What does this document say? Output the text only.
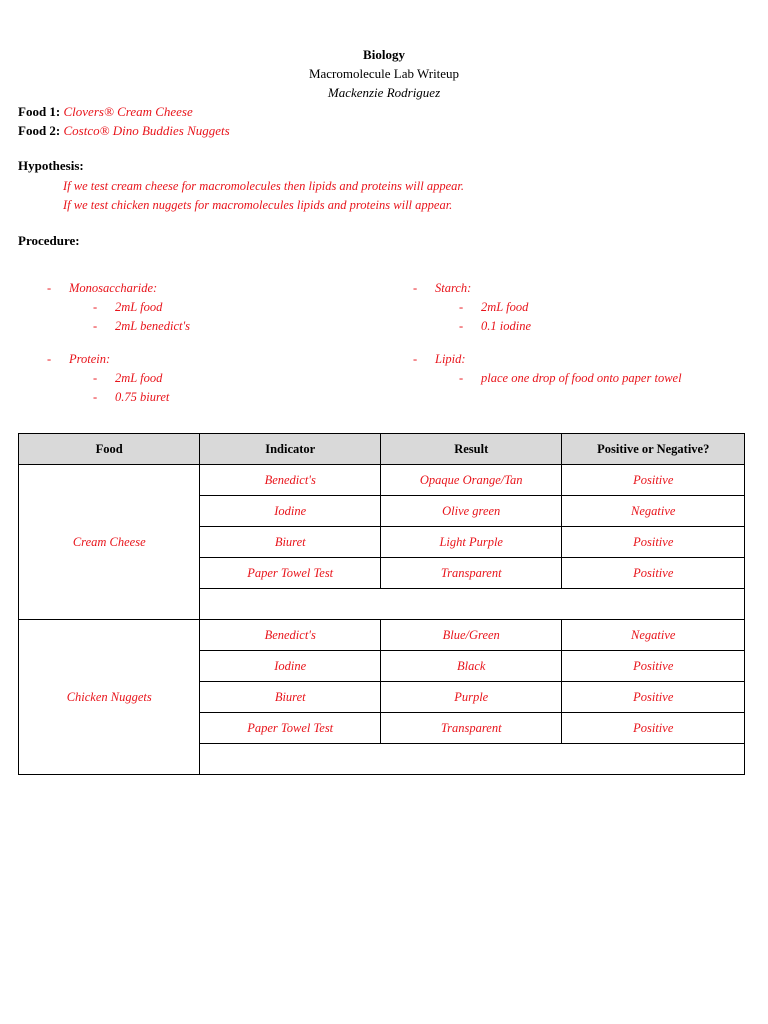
Biology
Macromolecule Lab Writeup
Mackenzie Rodriguez
Food 1: Clovers® Cream Cheese
Food 2: Costco® Dino Buddies Nuggets
Hypothesis:
If we test cream cheese for macromolecules then lipids and proteins will appear.
If we test chicken nuggets for macromolecules lipids and proteins will appear.
Procedure:
- Monosaccharide:
- 2mL food
- 2mL benedict's
- Protein:
- 2mL food
- 0.75 biuret
- Starch:
- 2mL food
- 0.1 iodine
- Lipid:
- place one drop of food onto paper towel
Food	Indicator	Result	Positive or Negative?
Cream Cheese	Benedict's	Opaque Orange/Tan	Positive
	Iodine	Olive green	Negative
	Biuret	Light Purple	Positive
	Paper Towel Test	Transparent	Positive

Chicken Nuggets	Benedict's	Blue/Green	Negative
	Iodine	Black	Positive
	Biuret	Purple	Positive
	Paper Towel Test	Transparent	Positive
